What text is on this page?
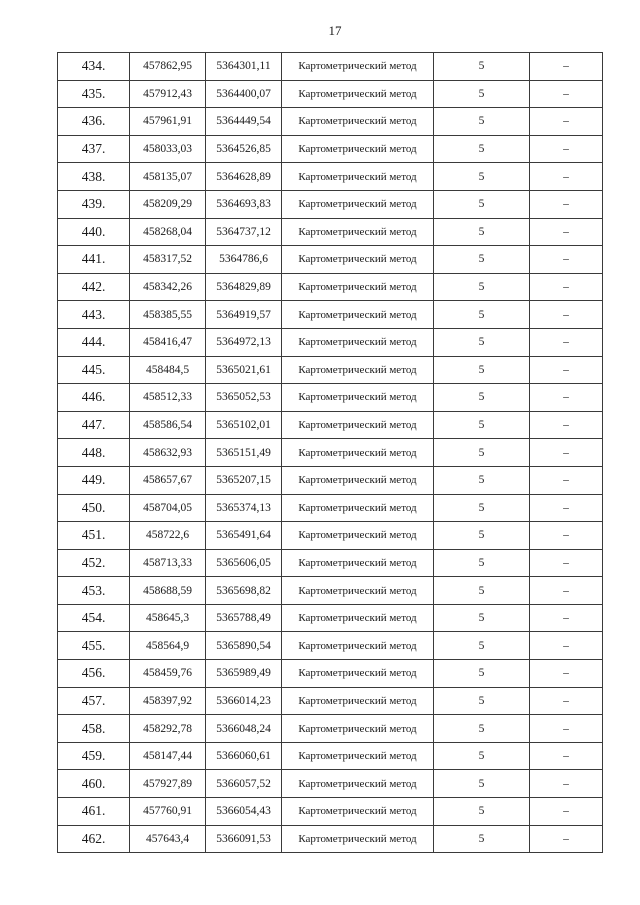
17
434.	457862,95	5364301,11	Картометрический метод	5	–
435.	457912,43	5364400,07	Картометрический метод	5	–
436.	457961,91	5364449,54	Картометрический метод	5	–
437.	458033,03	5364526,85	Картометрический метод	5	–
438.	458135,07	5364628,89	Картометрический метод	5	–
439.	458209,29	5364693,83	Картометрический метод	5	–
440.	458268,04	5364737,12	Картометрический метод	5	–
441.	458317,52	5364786,6	Картометрический метод	5	–
442.	458342,26	5364829,89	Картометрический метод	5	–
443.	458385,55	5364919,57	Картометрический метод	5	–
444.	458416,47	5364972,13	Картометрический метод	5	–
445.	458484,5	5365021,61	Картометрический метод	5	–
446.	458512,33	5365052,53	Картометрический метод	5	–
447.	458586,54	5365102,01	Картометрический метод	5	–
448.	458632,93	5365151,49	Картометрический метод	5	–
449.	458657,67	5365207,15	Картометрический метод	5	–
450.	458704,05	5365374,13	Картометрический метод	5	–
451.	458722,6	5365491,64	Картометрический метод	5	–
452.	458713,33	5365606,05	Картометрический метод	5	–
453.	458688,59	5365698,82	Картометрический метод	5	–
454.	458645,3	5365788,49	Картометрический метод	5	–
455.	458564,9	5365890,54	Картометрический метод	5	–
456.	458459,76	5365989,49	Картометрический метод	5	–
457.	458397,92	5366014,23	Картометрический метод	5	–
458.	458292,78	5366048,24	Картометрический метод	5	–
459.	458147,44	5366060,61	Картометрический метод	5	–
460.	457927,89	5366057,52	Картометрический метод	5	–
461.	457760,91	5366054,43	Картометрический метод	5	–
462.	457643,4	5366091,53	Картометрический метод	5	–
